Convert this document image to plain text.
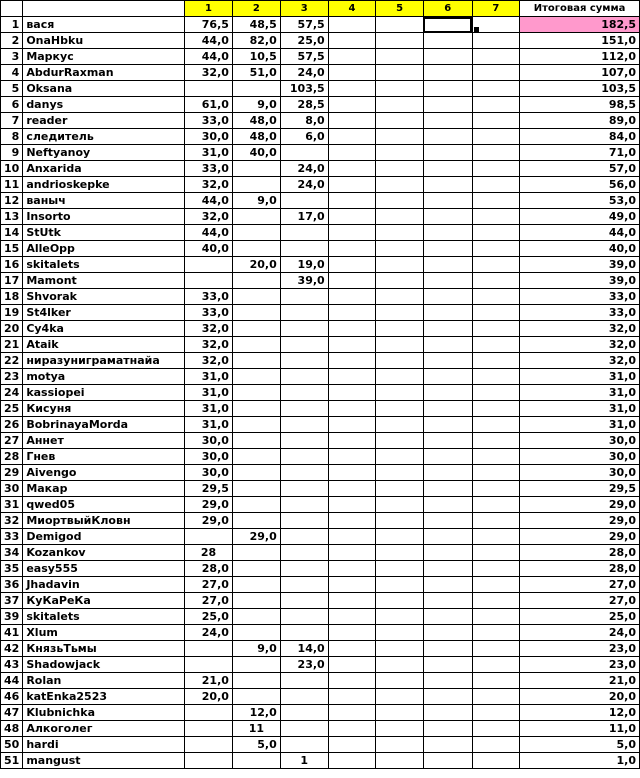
		1	2	3	4	5	6	7	Итоговая сумма
1	вася	76,5	48,5	57,5					182,5
2	OnaHbku	44,0	82,0	25,0					151,0
3	Маркус	44,0	10,5	57,5					112,0
4	AbdurRaxman	32,0	51,0	24,0					107,0
5	Oksana			103,5					103,5
6	danys	61,0	9,0	28,5					98,5
7	reader	33,0	48,0	8,0					89,0
8	следитель	30,0	48,0	6,0					84,0
9	Neftyanoy	31,0	40,0						71,0
10	Anxarida	33,0		24,0					57,0
11	andrioskepke	32,0		24,0					56,0
12	ваныч	44,0	9,0						53,0
13	Insorto	32,0		17,0					49,0
14	StUtk	44,0							44,0
15	AlleOpp	40,0							40,0
16	skitalets		20,0	19,0					39,0
17	Mamont			39,0					39,0
18	Shvorak	33,0							33,0
19	St4lker	33,0							33,0
20	Cy4ka	32,0							32,0
21	Ataik	32,0							32,0
22	ниразуниграматнайа	32,0							32,0
23	motya	31,0							31,0
24	kassiopei	31,0							31,0
25	Кисуня	31,0							31,0
26	BobrinayaMorda	31,0							31,0
27	Аннет	30,0							30,0
28	Гнев	30,0							30,0
29	Aivengo	30,0							30,0
30	Макар	29,5							29,5
31	qwed05	29,0							29,0
32	МиортвыйКловн	29,0							29,0
33	Demigod		29,0						29,0
34	Kozankov	28							28,0
35	easy555	28,0							28,0
36	Jhadavin	27,0							27,0
37	КуКаРеКа	27,0							27,0
39	skitalets	25,0							25,0
41	Xlum	24,0							24,0
42	КнязьТьмы		9,0	14,0					23,0
43	Shadowjack			23,0					23,0
44	Rolan	21,0							21,0
46	katEnka2523	20,0							20,0
47	Klubnichka		12,0						12,0
48	Алкоголег		11						11,0
50	hardi		5,0						5,0
51	mangust			1					1,0
